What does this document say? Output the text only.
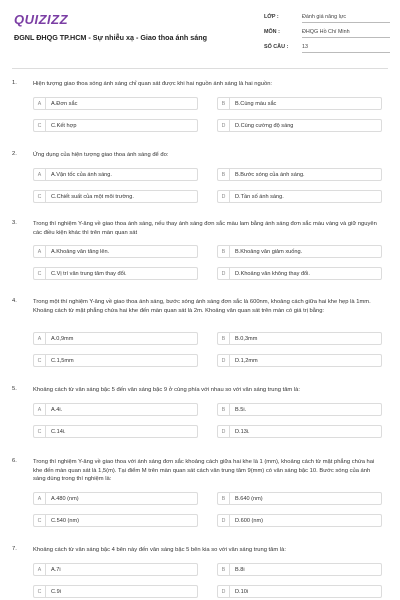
QUIZIZZ
ĐGNL ĐHQG TP.HCM - Sự nhiễu xạ - Giao thoa ánh sáng
LỚP :	Đánh giá năng lực
MÔN :	ĐHQG Hồ Chí Minh
SỐ CÂU :	13
1.	Hiện tượng giao thoa sóng ánh sáng chỉ quan sát được khi hai nguồn ánh sáng là hai nguồn:
A	A.Đơn sắc	B	B.Cùng màu sắc
C	C.Kết hợp	D	D.Cùng cường độ sáng
2.	Ứng dụng của hiện tượng giao thoa ánh sáng để đo:
A	A.Vận tốc của ánh sáng.	B	B.Bước sóng của ánh sáng.
C	C.Chiết suất của một môi trường.	D	D.Tần số ánh sáng.
3.	Trong thí nghiệm Y-âng về giao thoa ánh sáng, nếu thay ánh sáng đơn sắc màu lam bằng ánh sáng đơn sắc màu vàng và giữ nguyên các điều kiện khác thì trên màn quan sát
A	A.Khoảng vân tăng lên.	B	B.Khoảng vân giảm xuống.
C	C.Vị trí vân trung tâm thay đổi.	D	D.Khoảng vân không thay đổi.
4.	Trong một thí nghiệm Y-âng về giao thoa ánh sáng, bước sóng ánh sáng đơn sắc là 600nm, khoảng cách giữa hai khe hẹp là 1mm. Khoảng cách từ mặt phẳng chứa hai khe đến màn quan sát là 2m. Khoảng vân quan sát trên màn có giá trị bằng:
A	A.0,9mm	B	B.0,3mm
C	C.1,5mm	D	D.1,2mm
5.	Khoảng cách từ vân sáng bậc 5 đến vân sáng bậc 9 ở cùng phía với nhau so với vân sáng trung tâm là:
A	A.4i.	B	B.5i.
C	C.14i.	D	D.13i.
6.	Trong thí nghiệm Y-âng về giao thoa với ánh sáng đơn sắc khoảng cách giữa hai khe là 1 (mm), khoảng cách từ mặt phẳng chứa hai khe đến màn quan sát là 1,5(m). Tại điểm M trên màn quan sát cách vân trung tâm 9(mm) có vân sáng bậc 10. Bước sóng của ánh sáng dùng trong thí nghiệm là:
A	A.480 (nm)	B	B.640 (nm)
C	C.540 (nm)	D	D.600 (nm)
7.	Khoảng cách từ vân sáng bậc 4 bên này đến vân sáng bậc 5 bên kia so với vân sáng trung tâm là:
A	A.7i	B	B.8i
C	C.9i	D	D.10i
